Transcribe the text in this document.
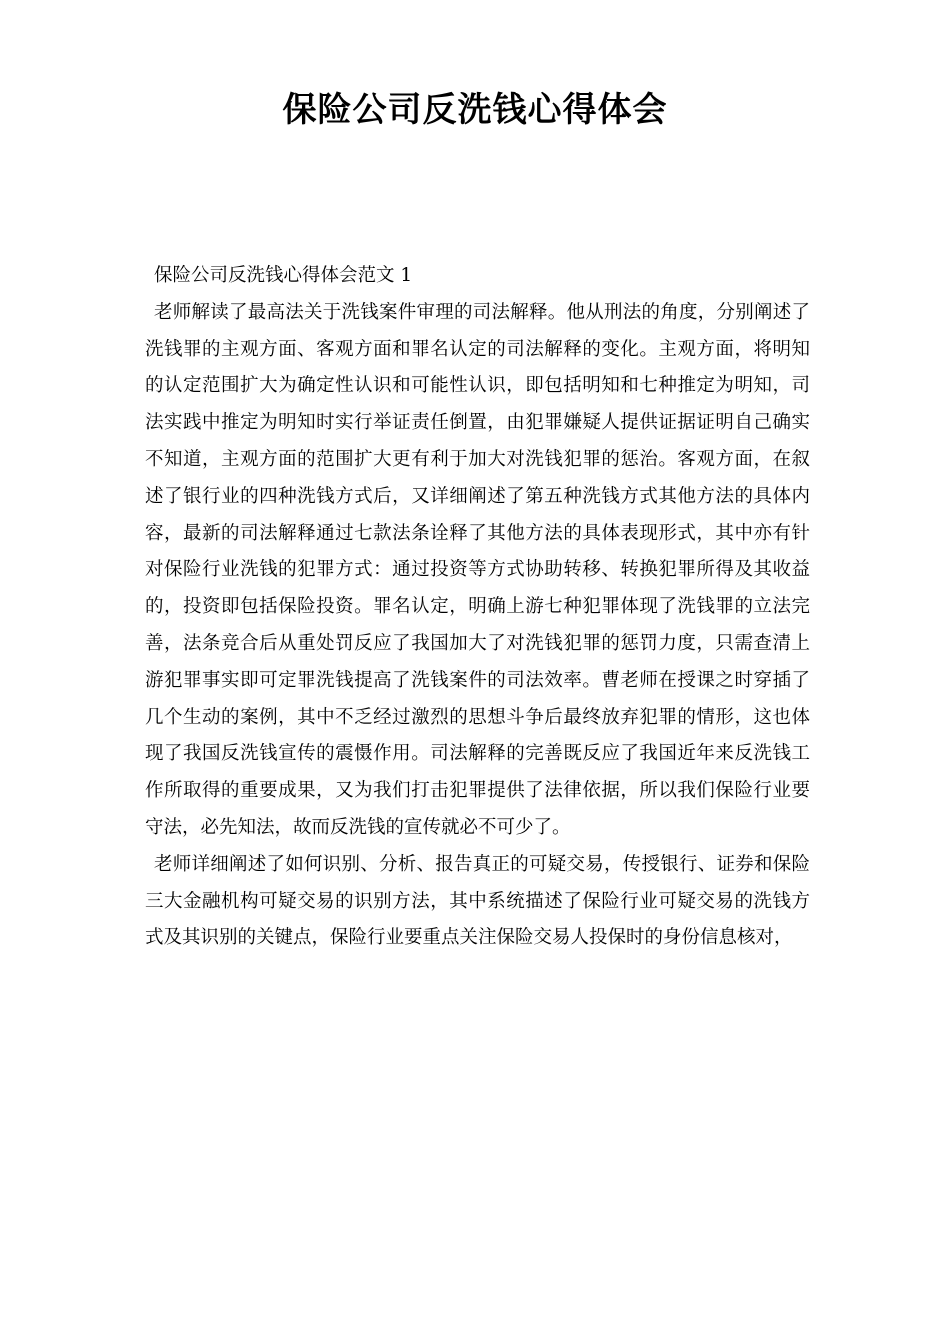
保险公司反洗钱心得体会

保险公司反洗钱心得体会范文 1

老师解读了最高法关于洗钱案件审理的司法解释。他从刑法的角度，分别阐述了洗钱罪的主观方面、客观方面和罪名认定的司法解释的变化。主观方面，将明知的认定范围扩大为确定性认识和可能性认识，即包括明知和七种推定为明知，司法实践中推定为明知时实行举证责任倒置，由犯罪嫌疑人提供证据证明自己确实不知道，主观方面的范围扩大更有利于加大对洗钱犯罪的惩治。客观方面，在叙述了银行业的四种洗钱方式后，又详细阐述了第五种洗钱方式其他方法的具体内容，最新的司法解释通过七款法条诠释了其他方法的具体表现形式，其中亦有针对保险行业洗钱的犯罪方式：通过投资等方式协助转移、转换犯罪所得及其收益的，投资即包括保险投资。罪名认定，明确上游七种犯罪体现了洗钱罪的立法完善，法条竞合后从重处罚反应了我国加大了对洗钱犯罪的惩罚力度，只需查清上游犯罪事实即可定罪洗钱提高了洗钱案件的司法效率。曹老师在授课之时穿插了几个生动的案例，其中不乏经过激烈的思想斗争后最终放弃犯罪的情形，这也体现了我国反洗钱宣传的震慑作用。司法解释的完善既反应了我国近年来反洗钱工作所取得的重要成果，又为我们打击犯罪提供了法律依据，所以我们保险行业要守法，必先知法，故而反洗钱的宣传就必不可少了。

老师详细阐述了如何识别、分析、报告真正的可疑交易，传授银行、证券和保险三大金融机构可疑交易的识别方法，其中系统描述了保险行业可疑交易的洗钱方式及其识别的关键点，保险行业要重点关注保险交易人投保时的身份信息核对，
